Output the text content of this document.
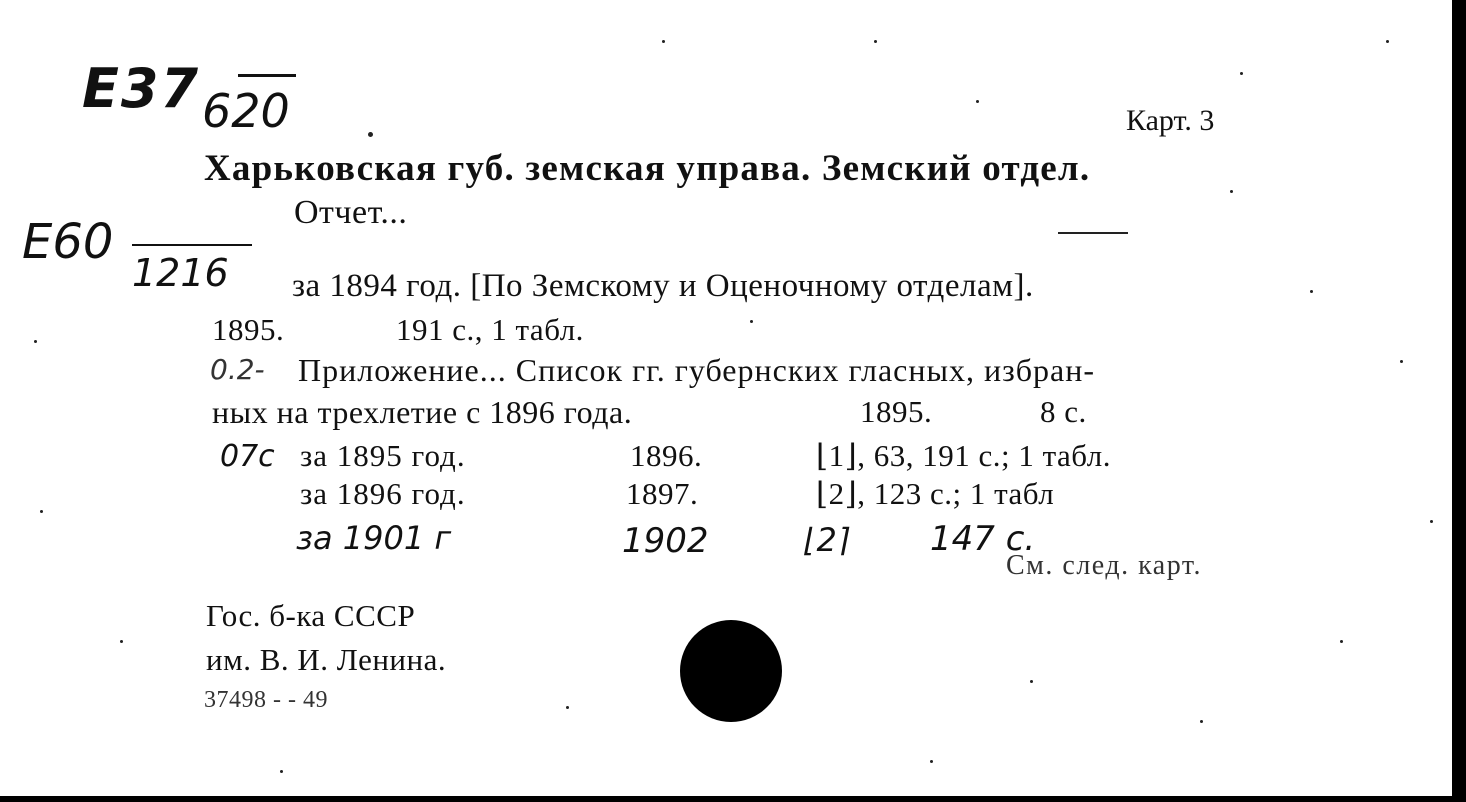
E37 620
E60
1216
Карт. 3
Харьковская губ. земская управа. Земский отдел.
Отчет...
за 1894 год. [По Земскому и Оценочному отделам].
1895.	191 с., 1 табл.
0.2- Приложение... Список гг. губернских гласных, избран-
ных на трехлетие с 1896 года.	1895.	8 с.
07c за 1895 год.	1896.	⌊1⌋, 63, 191 с.; 1 табл.
за 1896 год.	1897.	⌊2⌋, 123 с.; 1 табл
за 1901 г	1902	⌊2⌉ 147 с.
См. след. карт.
Гос. б-ка СССР
им. В. И. Ленина.
37498 - - 49
